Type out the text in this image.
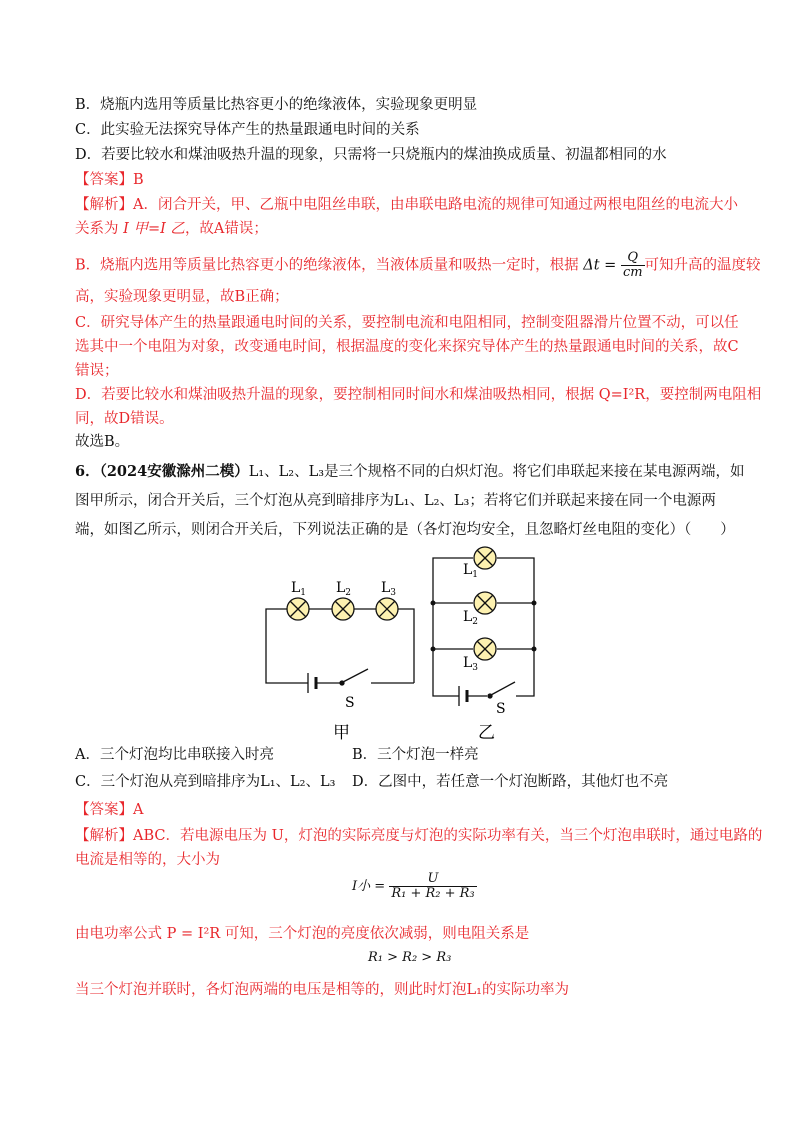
B．烧瓶内选用等质量比热容更小的绝缘液体，实验现象更明显
C．此实验无法探究导体产生的热量跟通电时间的关系
D．若要比较水和煤油吸热升温的现象，只需将一只烧瓶内的煤油换成质量、初温都相同的水
【答案】B
【解析】A．闭合开关，甲、乙瓶中电阻丝串联，由串联电路电流的规律可知通过两根电阻丝的电流大小
关系为 I 甲=I 乙，故A错误；
B．烧瓶内选用等质量比热容更小的绝缘液体，当液体质量和吸热一定时，根据 $\Delta t = \frac{Q}{cm}$ 可知升高的温度较
高，实验现象更明显，故B正确；
C．研究导体产生的热量跟通电时间的关系，要控制电流和电阻相同，控制变阻器滑片位置不动，可以任
选其中一个电阻为对象，改变通电时间，根据温度的变化来探究导体产生的热量跟通电时间的关系，故C
错误；
D．若要比较水和煤油吸热升温的现象，要控制相同时间水和煤油吸热相同，根据 Q=I²R，要控制两电阻相
同，故D错误。
故选B。
6．（2024安徽滁州二模）L₁、L₂、L₃是三个规格不同的白炽灯泡。将它们串联起来接在某电源两端，如
图甲所示，闭合开关后，三个灯泡从亮到暗排序为L₁、L₂、L₃；若将它们并联起来接在同一个电源两
端，如图乙所示，则闭合开关后，下列说法正确的是（各灯泡均安全，且忽略灯丝电阻的变化）（　　）
$L_1$ $L_2$ $L_3$
S
甲
$L_1$
$L_2$
$L_3$
S
乙
A．三个灯泡均比串联接入时亮	B．三个灯泡一样亮
C．三个灯泡从亮到暗排序为L₁、L₂、L₃ D．乙图中，若任意一个灯泡断路，其他灯也不亮
【答案】A
【解析】ABC．若电源电压为 U，灯泡的实际亮度与灯泡的实际功率有关，当三个灯泡串联时，通过电路的
电流是相等的，大小为
I小 = $\frac{U}{\text{R₁ + R₂ + R₃}}$
由电功率公式 P = I²R 可知，三个灯泡的亮度依次减弱，则电阻关系是
R₁ > R₂ > R₃
当三个灯泡并联时，各灯泡两端的电压是相等的，则此时灯泡L₁的实际功率为
